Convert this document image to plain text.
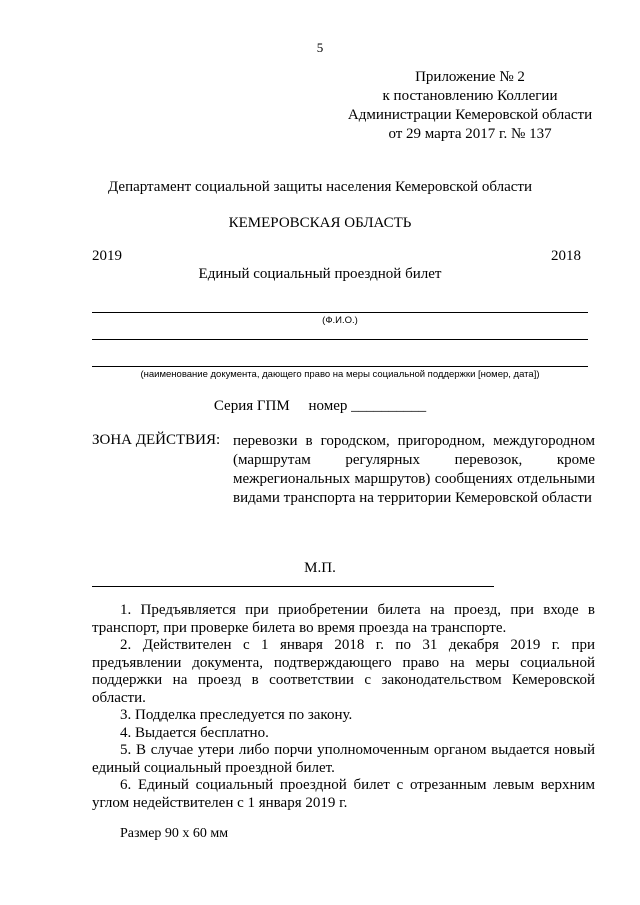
5
Приложение № 2
к постановлению Коллегии
Администрации Кемеровской области
от 29 марта 2017 г. № 137
Департамент социальной защиты населения Кемеровской области
КЕМЕРОВСКАЯ ОБЛАСТЬ
2019	2018
Единый социальный проездной билет
(Ф.И.О.)
(наименование документа, дающего право на меры социальной поддержки [номер, дата])
Серия ГПМ номер __________
ЗОНА ДЕЙСТВИЯ: перевозки в городском, пригородном, междугородном (маршрутам регулярных перевозок, кроме межрегиональных маршрутов) сообщениях отдельными видами транспорта на территории Кемеровской области
М.П.

1. Предъявляется при приобретении билета на проезд, при входе в транспорт, при проверке билета во время проезда на транспорте.

2. Действителен с 1 января 2018 г. по 31 декабря 2019 г. при предъявлении документа, подтверждающего право на меры социальной поддержки на проезд в соответствии с законодательством Кемеровской области.

3. Подделка преследуется по закону.

4. Выдается бесплатно.

5. В случае утери либо порчи уполномоченным органом выдается новый единый социальный проездной билет.

6. Единый социальный проездной билет с отрезанным левым верхним углом недействителен с 1 января 2019 г.

Размер 90 х 60 мм
